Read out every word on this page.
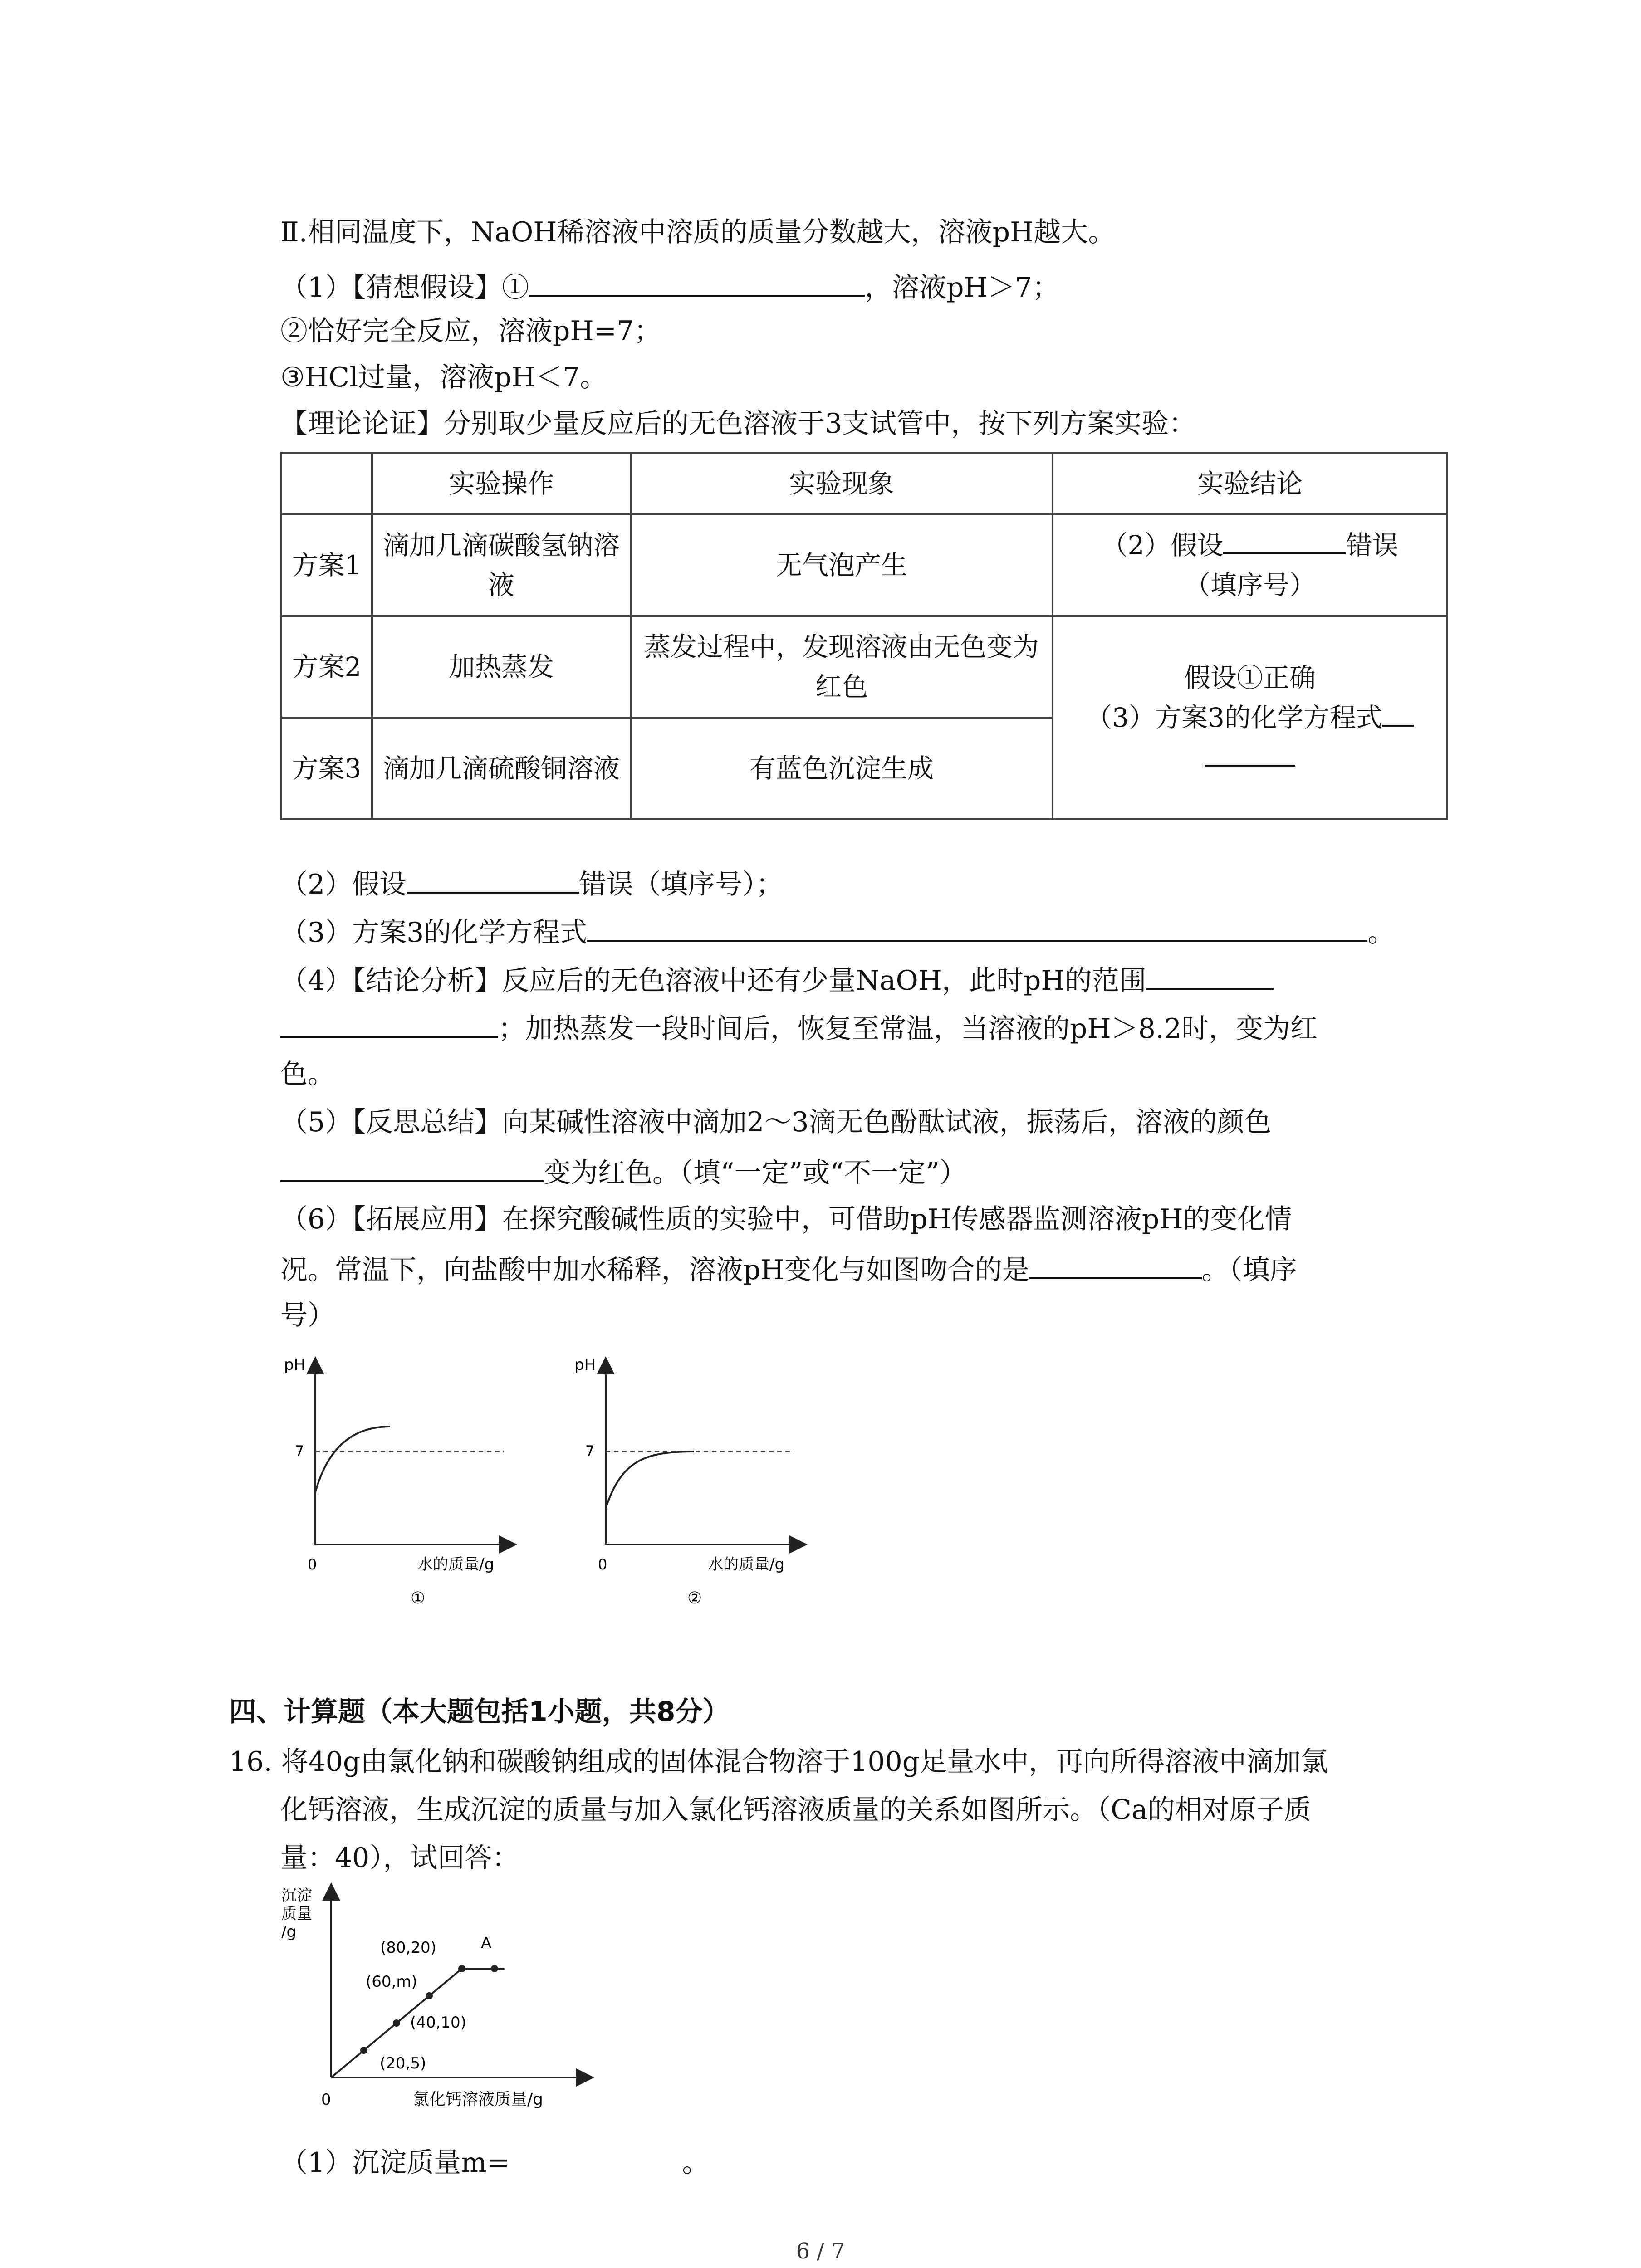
Ⅱ.相同温度下，NaOH稀溶液中溶质的质量分数越大，溶液pH越大。
（1）【猜想假设】①	，溶液pH＞7；
②恰好完全反应，溶液pH=7；
③HCl过量，溶液pH＜7。
【理论论证】分别取少量反应后的无色溶液于3支试管中，按下列方案实验：
	实验操作	实验现象	实验结论
方案1	滴加几滴碳酸氢钠溶液	无气泡产生	（2）假设 错误
（填序号）
方案2	加热蒸发	蒸发过程中，发现溶液由无色变为红色	假设①正确
（3）方案3的化学方程式

方案3	滴加几滴硫酸铜溶液	有蓝色沉淀生成	
（2）假设	错误（填序号）；
（3）方案3的化学方程式	。
（4）【结论分析】反应后的无色溶液中还有少量NaOH，此时pH的范围
；加热蒸发一段时间后，恢复至常温，当溶液的pH＞8.2时，变为红
色。
（5）【反思总结】向某碱性溶液中滴加2～3滴无色酚酞试液，振荡后，溶液的颜色
变为红色。（填“一定”或“不一定”）
（6）【拓展应用】在探究酸碱性质的实验中，可借助pH传感器监测溶液pH的变化情
况。常温下，向盐酸中加水稀释，溶液pH变化与如图吻合的是	。（填序
号）
pH
7
0	水的质量/g
①
pH
7
0	水的质量/g
②
四、计算题（本大题包括1小题，共8分）
16. 将40g由氯化钠和碳酸钠组成的固体混合物溶于100g足量水中，再向所得溶液中滴加氯
化钙溶液，生成沉淀的质量与加入氯化钙溶液质量的关系如图所示。（Ca的相对原子质
量：40），试回答：
沉淀
质量
/g
0	氯化钙溶液质量/g
(20,5)
(40,10)
(60,m)
(80,20)	A
（1）沉淀质量m=	。
6 / 7
